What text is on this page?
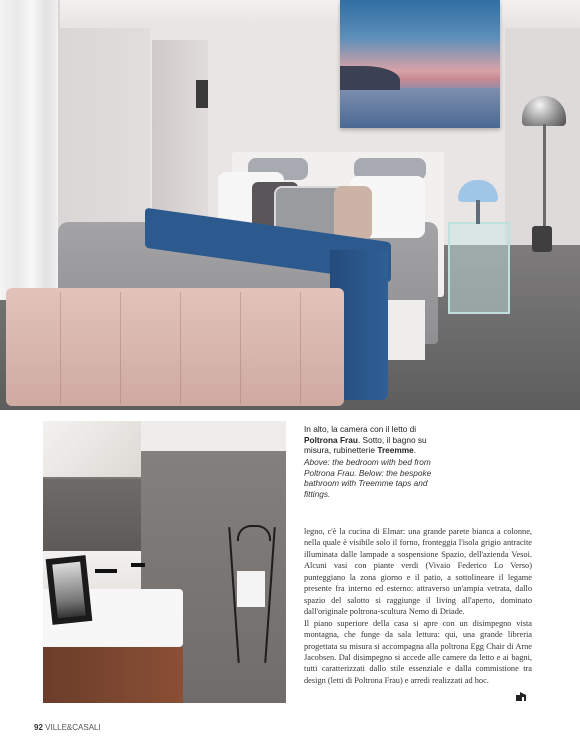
In alto, la camera con il letto di Poltrona Frau. Sotto, il bagno su misura, rubinetterie Treemme.

Above: the bedroom with bed from Poltrona Frau. Below: the bespoke bathroom with Treemme taps and fittings.

legno, c'è la cucina di Elmar: una grande parete bianca a colonne, nella quale è visibile solo il forno, fronteggia l'isola grigio antracite illuminata dalle lampade a sospensione Spazio, dell'azienda Vesoi. Alcuni vasi con piante verdi (Vivaio Federico Lo Verso) punteggiano la zona giorno e il patio, a sottolineare il legame presente fra interno ed esterno: attraverso un'ampia vetrata, dallo spazio del salotto si raggiunge il living all'aperto, dominato dall'originale poltrona-scultura Nemo di Driade.

Il piano superiore della casa si apre con un disimpegno vista montagna, che funge da sala lettura: qui, una grande libreria progettata su misura si accompagna alla poltrona Egg Chair di Arne Jacobsen. Dal disimpegno si accede alle camere da letto e ai bagni, tutti caratterizzati dallo stile essenziale e dalla commistione tra design (letti di Poltrona Frau) e arredi realizzati ad hoc.

92 VILLE&CASALI
